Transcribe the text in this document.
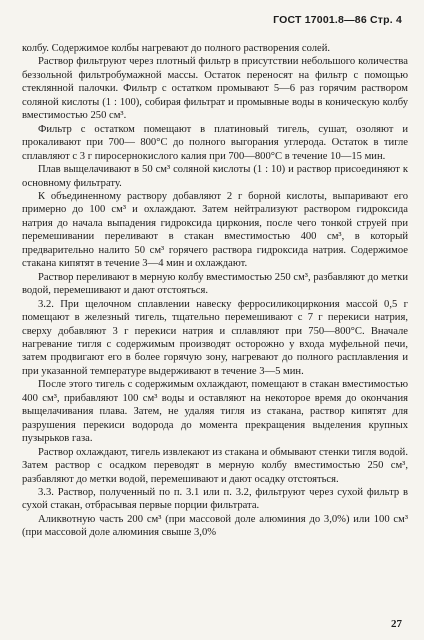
ГОСТ 17001.8—86 Стр. 4

колбу. Содержимое колбы нагревают до полного растворения солей.

Раствор фильтруют через плотный фильтр в присутствии небольшого количества беззольной фильтробумажной массы. Остаток переносят на фильтр с помощью стеклянной палочки. Фильтр с остатком промывают 5—6 раз горячим раствором соляной кислоты (1 : 100), собирая фильтрат и промывные воды в коническую колбу вместимостью 250 см³.

Фильтр с остатком помещают в платиновый тигель, сушат, озоляют и прокаливают при 700— 800°С до полного выгорания углерода. Остаток в тигле сплавляют с 3 г пиросернокислого калия при 700—800°С в течение 10—15 мин.

Плав выщелачивают в 50 см³ соляной кислоты (1 : 10) и раствор присоединяют к основному фильтрату.

К объединенному раствору добавляют 2 г борной кислоты, выпаривают его примерно до 100 см³ и охлаждают. Затем нейтрализуют раствором гидроксида натрия до начала выпадения гидроксида циркония, после чего тонкой струей при перемешивании переливают в стакан вместимостью 400 см³, в который предварительно налито 50 см³ горячего раствора гидроксида натрия. Содержимое стакана кипятят в течение 3—4 мин и охлаждают.

Раствор переливают в мерную колбу вместимостью 250 см³, разбавляют до метки водой, перемешивают и дают отстояться.

3.2. При щелочном сплавлении навеску ферросиликоциркония массой 0,5 г помещают в железный тигель, тщательно перемешивают с 7 г перекиси натрия, сверху добавляют 3 г перекиси натрия и сплавляют при 750—800°С. Вначале нагревание тигля с содержимым производят осторожно у входа муфельной печи, затем продвигают его в более горячую зону, нагревают до полного расплавления и при указанной температуре выдерживают в течение 3—5 мин.

После этого тигель с содержимым охлаждают, помещают в стакан вместимостью 400 см³, прибавляют 100 см³ воды и оставляют на некоторое время до окончания выщелачивания плава. Затем, не удаляя тигля из стакана, раствор кипятят для разрушения перекиси водорода до момента прекращения выделения крупных пузырьков газа.

Раствор охлаждают, тигель извлекают из стакана и обмывают стенки тигля водой. Затем раствор с осадком переводят в мерную колбу вместимостью 250 см³, разбавляют до метки водой, перемешивают и дают осадку отстояться.

3.3. Раствор, полученный по п. 3.1 или п. 3.2, фильтруют через сухой фильтр в сухой стакан, отбрасывая первые порции фильтрата.

Аликвотную часть 200 см³ (при массовой доле алюминия до 3,0%) или 100 см³ (при массовой доле алюминия свыше 3,0%

27
